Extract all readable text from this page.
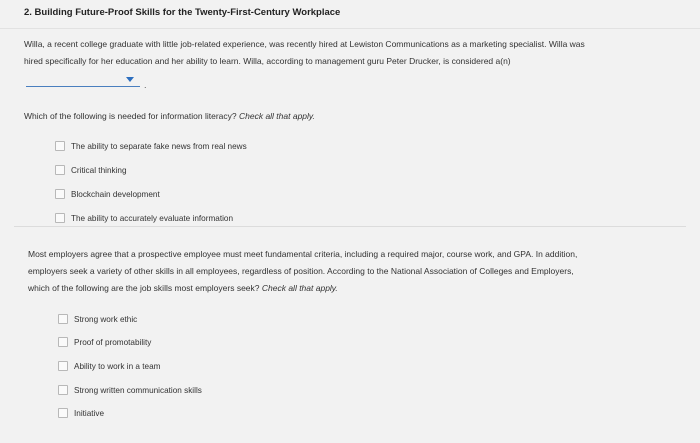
2. Building Future-Proof Skills for the Twenty-First-Century Workplace
Willa, a recent college graduate with little job-related experience, was recently hired at Lewiston Communications as a marketing specialist. Willa was
hired specifically for her education and her ability to learn. Willa, according to management guru Peter Drucker, is considered a(n)
.
Which of the following is needed for information literacy? Check all that apply.
The ability to separate fake news from real news
Critical thinking
Blockchain development
The ability to accurately evaluate information
Most employers agree that a prospective employee must meet fundamental criteria, including a required major, course work, and GPA. In addition,
employers seek a variety of other skills in all employees, regardless of position. According to the National Association of Colleges and Employers,
which of the following are the job skills most employers seek? Check all that apply.
Strong work ethic
Proof of promotability
Ability to work in a team
Strong written communication skills
Initiative
